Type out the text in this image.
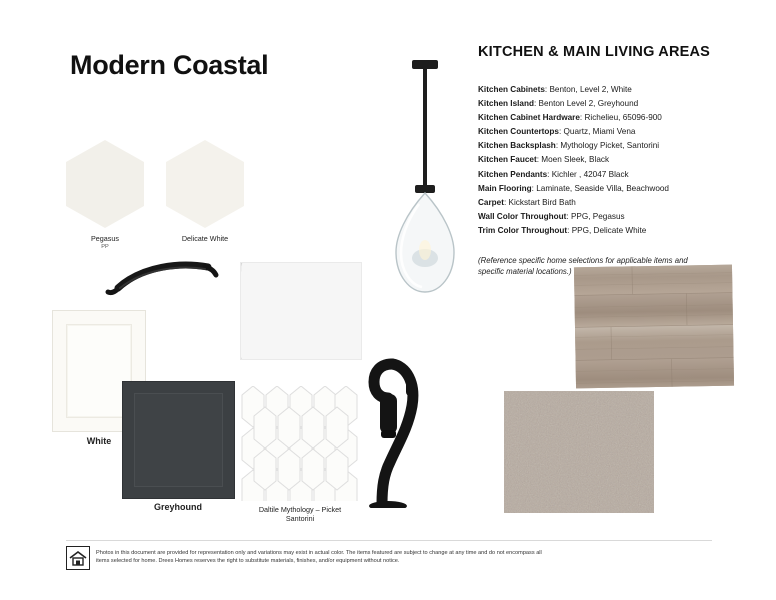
Modern Coastal	KITCHEN & MAIN LIVING AREAS
Kitchen Cabinets: Benton, Level 2, White
Kitchen Island: Benton Level 2, Greyhound
Kitchen Cabinet Hardware: Richelieu, 65096-900
Kitchen Countertops: Quartz, Miami Vena
Kitchen Backsplash: Mythology Picket, Santorini
Kitchen Faucet: Moen Sleek, Black
Kitchen Pendants: Kichler , 42047 Black
Main Flooring: Laminate, Seaside Villa, Beachwood
Carpet: Kickstart Bird Bath
Wall Color Throughout: PPG, Pegasus
Trim Color Throughout: PPG, Delicate White
(Reference specific home selections for applicable items and specific material locations.)
Pegasus
PP
Delicate White
White
Greyhound	Daltile Mythology – Picket
Santorini
Photos in this document are provided for representation only and variations may exist in actual color. The items featured are subject to change at any time and do not encompass all items selected for home. Drees Homes reserves the right to substitute materials, finishes, and/or equipment without notice.
